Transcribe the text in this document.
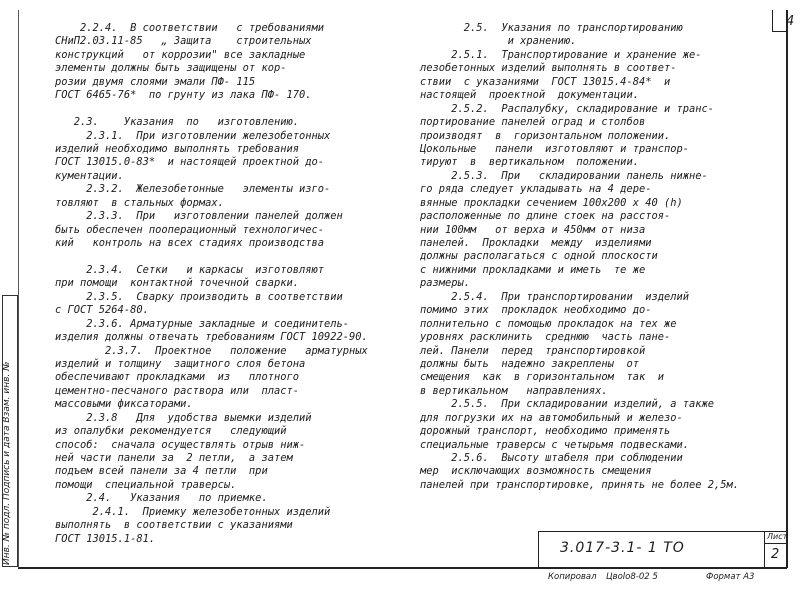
4
Инв. № подл. Подпись и дата Взам. инв. №
2.2.4.  В соответствии   с требованиями
СНиП2.03.11-85   „ Защита    строительных
конструкций   от коррозии" все закладные
элементы должны быть защищены от кор-
розии двумя слоями эмали ПФ- 115
ГОСТ 6465-76*  по грунту из лака ПФ- 170.
2.3.    Указания  по   изготовлению.
2.3.1.  При изготовлении железобетонных
изделий необходимо выполнять требования
ГОСТ 13015.0-83*  и настоящей проектной до-
кументации.
2.3.2.  Железобетонные   элементы изго-
товляют  в стальных формах.
2.3.3.  При   изготовлении панелей должен
быть обеспечен пооперационный технологичес-
кий   контроль на всех стадиях производства
2.3.4.  Сетки   и каркасы  изготовляют
при помощи  контактной точечной сварки.
2.3.5.  Сварку производить в соответствии
с ГОСТ 5264-80.
2.3.6. Арматурные закладные и соединитель-
изделия должны отвечать требованиям ГОСТ 10922-90.
2.3.7.  Проектное   положение   арматурных
изделий и толщину  защитного слоя бетона
обеспечивают прокладками  из   плотного
цементно-песчаного раствора или  пласт-
массовыми фиксаторами.
2.3.8   Для  удобства выемки изделий
из опалубки рекомендуется   следующий
способ:  сначала осуществлять отрыв ниж-
ней части панели за  2 петли,  а затем
подъем всей панели за 4 петли  при
помощи  специальной траверсы.
2.4.   Указания   по приемке.
2.4.1.  Приемку железобетонных изделий
выполнять  в соответствии с указаниями
ГОСТ 13015.1-81.
2.5.  Указания по транспортированию
и хранению.
2.5.1.  Транспортирование и хранение же-
лезобетонных изделий выполнять в соответ-
ствии  с указаниями  ГОСТ 13015.4-84*  и
настоящей  проектной  документации.
2.5.2.  Распалубку, складирование и транс-
портирование панелей оград и столбов
производят  в  горизонтальном положении.
Цокольные   панели  изготовляют и транспор-
тируют  в  вертикальном  положении.
2.5.3.  При   складировании панель нижне-
го ряда следует укладывать на 4 дере-
вянные прокладки сечением 100x200 x 40 (h)
расположенные по длине стоек на расстоя-
нии 100мм   от верха и 450мм от низа
панелей.  Прокладки  между  изделиями
должны располагаться с одной плоскости
с нижними прокладками и иметь  те же
размеры.
2.5.4.  При транспортировании  изделий
помимо этих  прокладок необходимо до-
полнительно с помощью прокладок на тех же
уровнях расклинить  среднюю  часть пане-
лей. Панели  перед  транспортировкой
должны быть  надежно закреплены  от
смещения  как  в горизонтальном  так  и
в вертикальном   направлениях.
2.5.5.  При складировании изделий, а также
для погрузки их на автомобильный и железо-
дорожный транспорт, необходимо применять
специальные траверсы с четырьмя подвесками.
2.5.6.  Высоту штабеля при соблюдении
мер  исключающих возможность смещения
панелей при транспортировке, принять не более 2,5м.
3.017-3.1- 1 ТО
Лист
2
Копировал Цвоlo8-02 5	Формат А3
